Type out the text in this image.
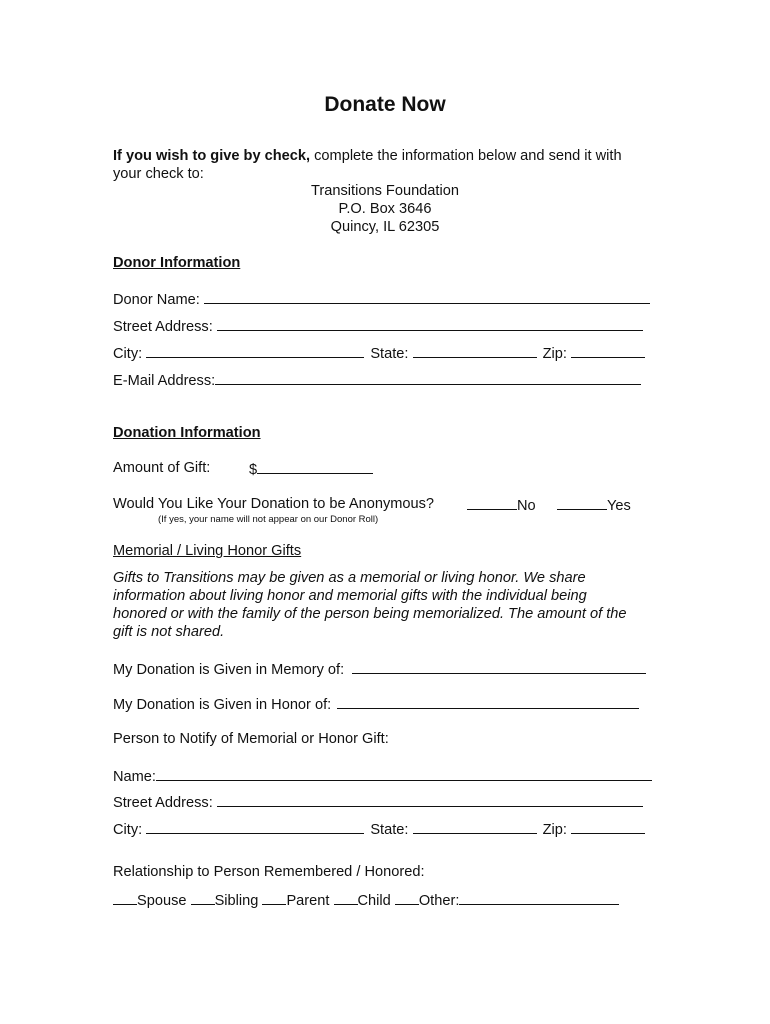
Donate Now
If you wish to give by check, complete the information below and send it with
your check to:
Transitions Foundation
P.O. Box 3646
Quincy, IL 62305
Donor Information
Donor Name:
Street Address:
City:	State:	Zip:
E-Mail Address:
Donation Information
Amount of Gift:	$
Would You Like Your Donation to be Anonymous?	No	Yes
(If yes, your name will not appear on our Donor Roll)
Memorial / Living Honor Gifts
Gifts to Transitions may be given as a memorial or living honor. We share information about living honor and memorial gifts with the individual being honored or with the family of the person being memorialized. The amount of the gift is not shared.
My Donation is Given in Memory of:
My Donation is Given in Honor of:
Person to Notify of Memorial or Honor Gift:
Name:
Street Address:
City:	State:	Zip:
Relationship to Person Remembered / Honored:
Spouse Sibling Parent Child Other:
